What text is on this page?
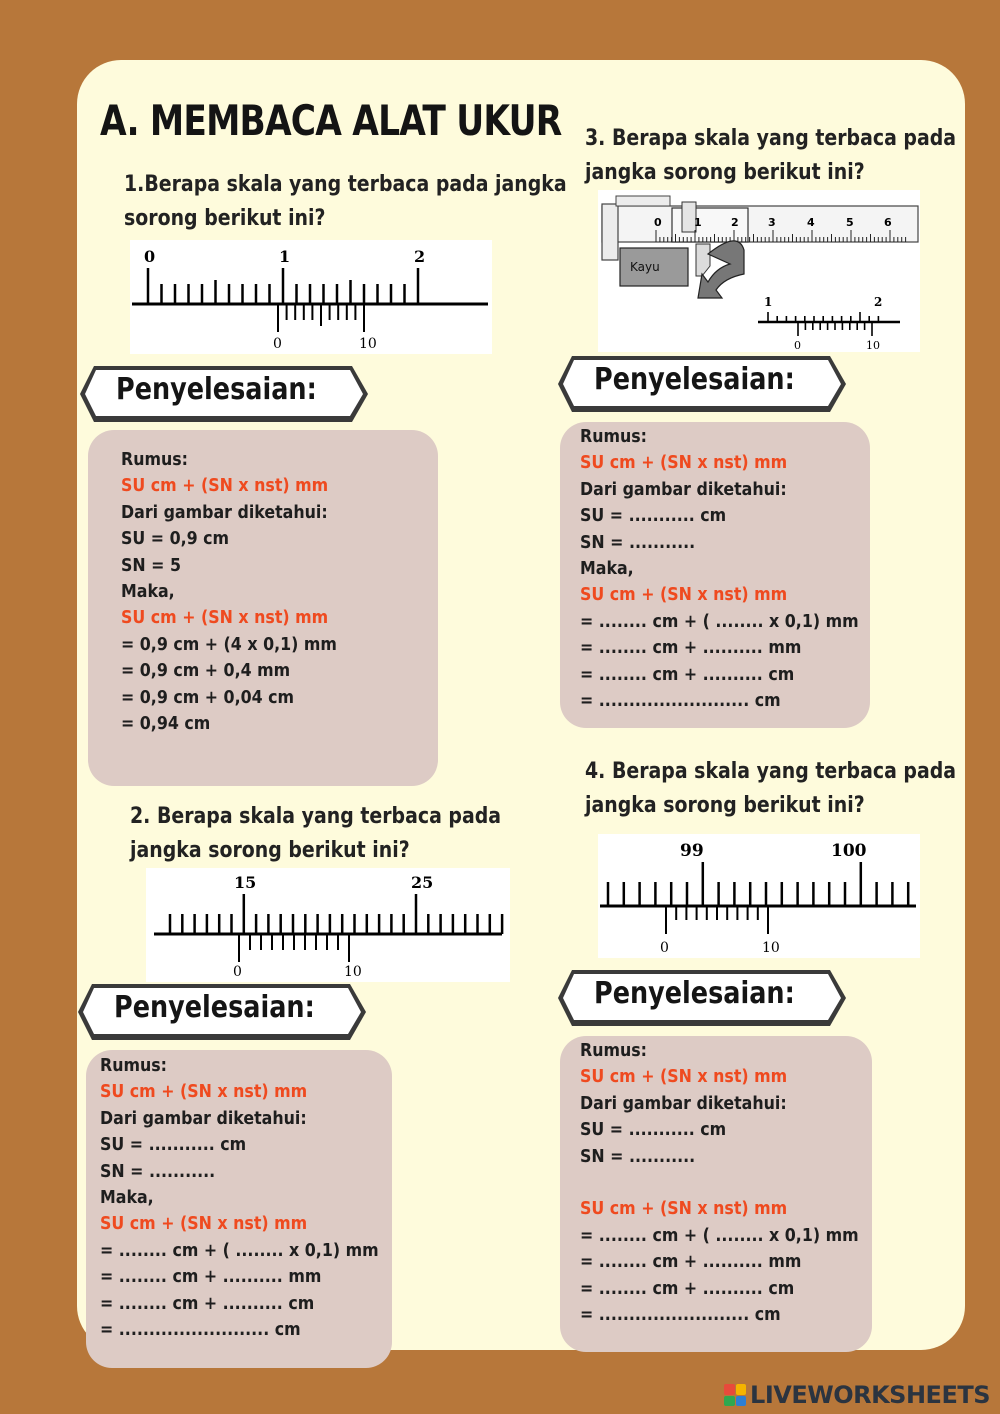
A. MEMBACA ALAT UKUR
1.Berapa skala yang terbaca pada jangka
sorong berikut ini?
0	1	2
0	10
Penyelesaian:
Rumus:
SU cm + (SN x nst) mm
Dari gambar diketahui:
SU = 0,9 cm
SN = 5
Maka,
SU cm + (SN x nst) mm
= 0,9 cm + (4 x 0,1) mm
= 0,9 cm + 0,4 mm
= 0,9 cm + 0,04 cm
= 0,94 cm
2. Berapa skala yang terbaca pada
jangka sorong berikut ini?
15	25
0	10
Penyelesaian:
Rumus:
SU cm + (SN x nst) mm
Dari gambar diketahui:
SU = ........... cm
SN = ...........
Maka,
SU cm + (SN x nst) mm
= ........ cm + ( ........ x 0,1) mm
= ........ cm + .......... mm
= ........ cm + .......... cm
= ......................... cm
3. Berapa skala yang terbaca pada
jangka sorong berikut ini?
Kayu
0	1	2	3	4	5	6
1	2
0	10
Penyelesaian:
Rumus:
SU cm + (SN x nst) mm
Dari gambar diketahui:
SU = ........... cm
SN = ...........
Maka,
SU cm + (SN x nst) mm
= ........ cm + ( ........ x 0,1) mm
= ........ cm + .......... mm
= ........ cm + .......... cm
= ......................... cm
4. Berapa skala yang terbaca pada
jangka sorong berikut ini?
99	100
0	10
Penyelesaian:
Rumus:
SU cm + (SN x nst) mm
Dari gambar diketahui:
SU = ........... cm
SN = ...........
SU cm + (SN x nst) mm
= ........ cm + ( ........ x 0,1) mm
= ........ cm + .......... mm
= ........ cm + .......... cm
= ......................... cm
LIVEWORKSHEETS
